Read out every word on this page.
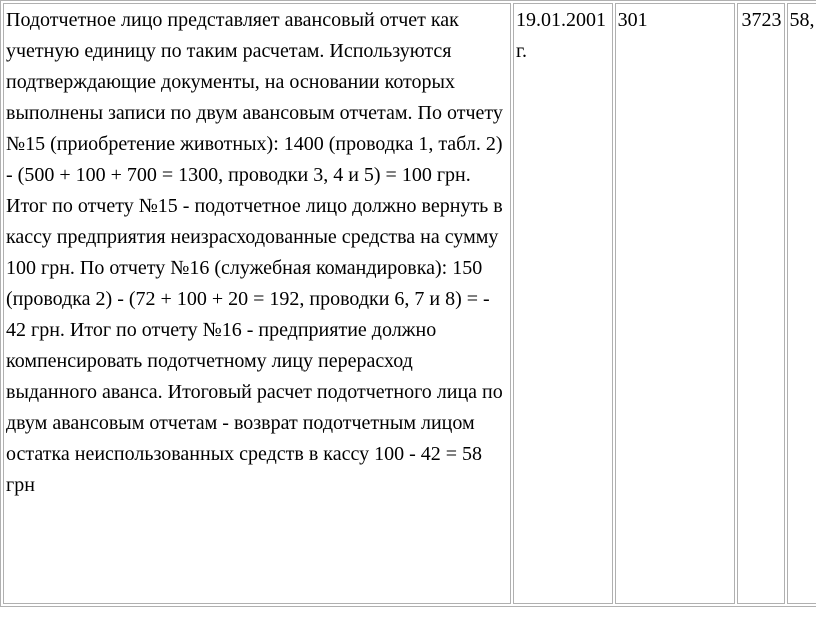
Подотчетное лицо представляет авансовый отчет как учетную единицу по таким расчетам. Используются подтверждающие документы, на основании которых выполнены записи по двум авансовым отчетам. По отчету №15 (приобретение животных): 1400 (проводка 1, табл. 2) - (500 + 100 + 700 = 1300, проводки 3, 4 и 5) = 100 грн. Итог по отчету №15 - подотчетное лицо должно вернуть в кассу предприятия неизрасходованные средства на сумму 100 грн. По отчету №16 (служебная командировка): 150 (проводка 2) - (72 + 100 + 20 = 192, проводки 6, 7 и 8) = - 42 грн. Итог по отчету №16 - предприятие должно компенсировать подотчетному лицу перерасход выданного аванса. Итоговый расчет подотчетного лица по двум авансовым отчетам - возврат подотчетным лицом остатка неиспользованных средств в кассу 100 - 42 = 58 грн	19.01.2001 г.	301	3723	58,
